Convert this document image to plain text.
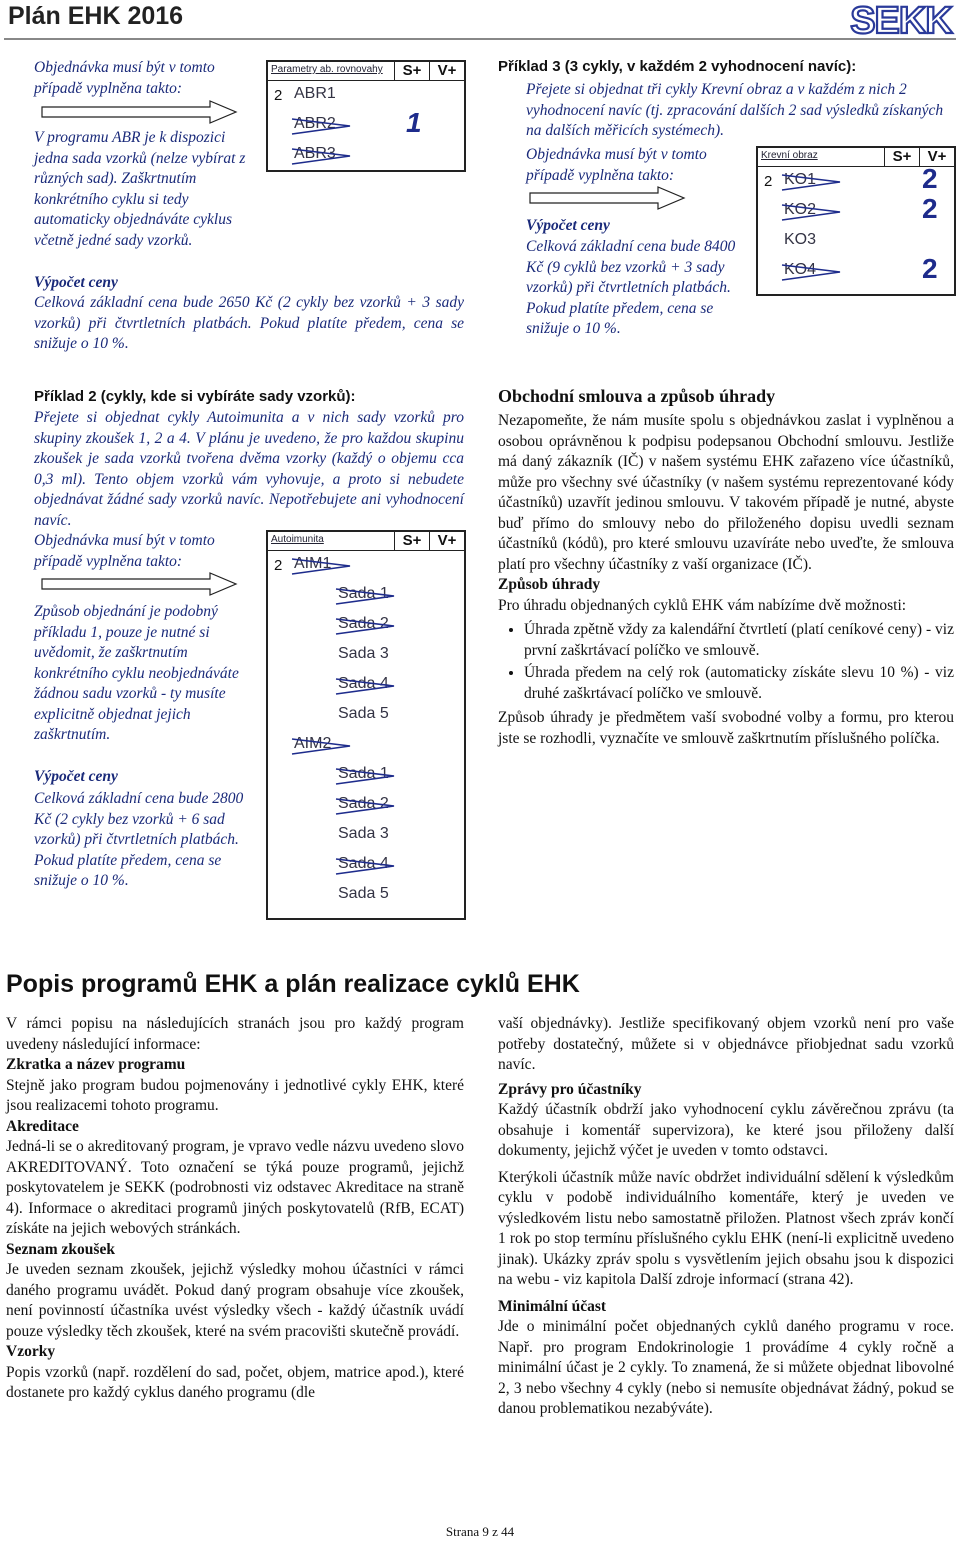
Plán EHK 2016	SEKK
Objednávka musí být v tomto případě vyplněna takto:
V programu ABR je k dispozici jedna sada vzorků (nelze vybírat z různých sad). Zaškrtnutím konkrétního cyklu si tedy automaticky objednáváte cyklus včetně jedné sady vzorků.
Výpočet ceny
Celková základní cena bude 2650 Kč (2 cykly bez vzorků + 3 sady vzorků) při čtvrtletních platbách. Pokud platíte předem, cena se snižuje o 10 %.
Parametry ab. rovnovahy	S+	V+
2 ABR1
ABR2	1
ABR3
Příklad 2 (cykly, kde si vybíráte sady vzorků):
Přejete si objednat cykly Autoimunita a v nich sady vzorků pro skupiny zkoušek 1, 2 a 4. V plánu je uvedeno, že pro každou skupinu zkoušek je sada vzorků tvořena dvěma vzorky (každý o objemu cca 0,3 ml). Tento objem vzorků vám vyhovuje, a proto si nebudete objednávat žádné sady vzorků navíc. Nepotřebujete ani vyhodnocení navíc.
Objednávka musí být v tomto případě vyplněna takto:
Způsob objednání je podobný příkladu 1, pouze je nutné si uvědomit, že zaškrtnutím konkrétního cyklu neobjednáváte žádnou sadu vzorků - ty musíte explicitně objednat jejich zaškrtnutím.
Výpočet ceny
Celková základní cena bude 2800 Kč (2 cykly bez vzorků + 6 sad vzorků) při čtvrtletních platbách. Pokud platíte předem, cena se snižuje o 10 %.
Autoimunita	S+	V+
2 AIM1
Sada 1
Sada 2
Sada 3
Sada 4
Sada 5
AIM2
Sada 1
Sada 2
Sada 3
Sada 4
Sada 5
Příklad 3 (3 cykly, v každém 2 vyhodnocení navíc):
Přejete si objednat tři cykly Krevní obraz a v každém z nich 2 vyhodnocení navíc (tj. zpracování dalších 2 sad výsledků získaných na dalších měřicích systémech).
Objednávka musí být v tomto případě vyplněna takto:
Výpočet ceny
Celková základní cena bude 8400 Kč (9 cyklů bez vzorků + 3 sady vzorků) při čtvrtletních platbách. Pokud platíte předem, cena se snižuje o 10 %.
Krevní obraz	S+	V+
2 KO1	2
KO2	2
KO3
KO4	2
Obchodní smlouva a způsob úhrady

Nezapomeňte, že nám musíte spolu s objednávkou zaslat i vyplněnou a osobou oprávněnou k podpisu podepsanou Obchodní smlouvu. Jestliže má daný zákazník (IČ) v našem systému EHK zařazeno více účastníků, může pro všechny své účastníky (v našem systému reprezentované kódy účastníků) uzavřít jedinou smlouvu. V takovém případě je nutné, abyste buď přímo do smlouvy nebo do přiloženého dopisu uvedli seznam účastníků (kódů), pro které smlouvu uzavíráte nebo uveďte, že smlouva platí pro všechny účastníky z vaší organizace (IČ).

Způsob úhrady

Pro úhradu objednaných cyklů EHK vám nabízíme dvě možnosti:

• Úhrada zpětně vždy za kalendářní čtvrtletí (platí ceníkové ceny) - viz první zaškrtávací políčko ve smlouvě.
• Úhrada předem na celý rok (automaticky získáte slevu 10 %) - viz druhé zaškrtávací políčko ve smlouvě.

Způsob úhrady je předmětem vaší svobodné volby a formu, pro kterou jste se rozhodli, vyznačíte ve smlouvě zaškrtnutím příslušného políčka.

Popis programů EHK a plán realizace cyklů EHK

V rámci popisu na následujících stranách jsou pro každý program uvedeny následující informace:

Zkratka a název programu

Stejně jako program budou pojmenovány i jednotlivé cykly EHK, které jsou realizacemi tohoto programu.

Akreditace

Jedná-li se o akreditovaný program, je vpravo vedle názvu uvedeno slovo AKREDITOVANÝ. Toto označení se týká pouze programů, jejichž poskytovatelem je SEKK (podrobnosti viz odstavec Akreditace na straně 4). Informace o akreditaci programů jiných poskytovatelů (RfB, ECAT) získáte na jejich webových stránkách.

Seznam zkoušek

Je uveden seznam zkoušek, jejichž výsledky mohou účastníci v rámci daného programu uvádět. Pokud daný program obsahuje více zkoušek, není povinností účastníka uvést výsledky všech - každý účastník uvádí pouze výsledky těch zkoušek, které na svém pracovišti skutečně provádí.

Vzorky

Popis vzorků (např. rozdělení do sad, počet, objem, matrice apod.), které dostanete pro každý cyklus daného programu (dle

vaší objednávky). Jestliže specifikovaný objem vzorků není pro vaše potřeby dostatečný, můžete si v objednávce přiobjednat sadu vzorků navíc.

Zprávy pro účastníky

Každý účastník obdrží jako vyhodnocení cyklu závěrečnou zprávu (ta obsahuje i komentář supervizora), ke které jsou přiloženy další dokumenty, jejichž výčet je uveden v tomto odstavci.

Kterýkoli účastník může navíc obdržet individuální sdělení k výsledkům cyklu v podobě individuálního komentáře, který je uveden ve výsledkovém listu nebo samostatně přiložen. Platnost všech zpráv končí 1 rok po stop termínu příslušného cyklu EHK (není-li explicitně uvedeno jinak). Ukázky zpráv spolu s vysvětlením jejich obsahu jsou k dispozici na webu - viz kapitola Další zdroje informací (strana 42).

Minimální účast

Jde o minimální počet objednaných cyklů daného programu v roce. Např. pro program Endokrinologie 1 provádíme 4 cykly ročně a minimální účast je 2 cykly. To znamená, že si můžete objednat libovolné 2, 3 nebo všechny 4 cykly (nebo si nemusíte objednávat žádný, pokud se danou problematikou nezabýváte).

Strana 9 z 44
